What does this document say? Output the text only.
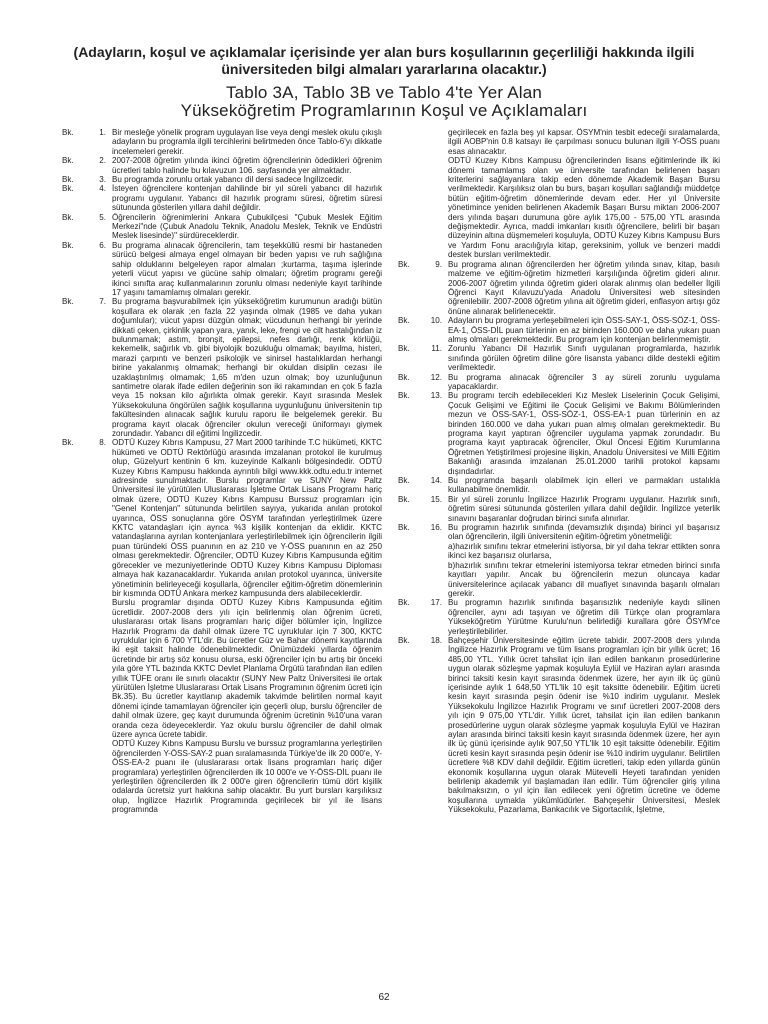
(Adayların, koşul ve açıklamalar içerisinde yer alan burs koşullarının geçerliliği hakkında ilgili üniversiteden bilgi almaları yararlarına olacaktır.)
Tablo 3A, Tablo 3B ve Tablo 4'te Yer Alan
Yükseköğretim Programlarının Koşul ve Açıklamaları
Bk.	1. Bir mesleğe yönelik program uygulayan lise veya dengi meslek okulu çıkışlı adayların bu programla ilgili tercihlerini belirtmeden önce Tablo-6'yı dikkatle incelemeleri gerekir.
Bk.	2. 2007-2008 öğretim yılında ikinci öğretim öğrencilerinin ödedikleri öğrenim ücretleri tablo halinde bu kılavuzun 106. sayfasında yer almaktadır.
Bk.	3. Bu programda zorunlu ortak yabancı dil dersi sadece İngilizcedir.
Bk.	4. İsteyen öğrencilere kontenjan dahilinde bir yıl süreli yabancı dil hazırlık programı uygulanır. Yabancı dil hazırlık programı süresi, öğretim süresi sütununda gösterilen yıllara dahil değildir.
Bk.	5. Öğrencilerin öğrenimlerini Ankara Çubukilçesi "Çubuk Meslek Eğitim Merkezi"nde (Çubuk Anadolu Teknik, Anadolu Meslek, Teknik ve Endüstri Meslek lisesinde)" sürdüreceklerdir.
Bk.	6. Bu programa alınacak öğrencilerin, tam teşekküllü resmi bir hastaneden sürücü belgesi almaya engel olmayan bir beden yapısı ve ruh sağlığına sahip olduklarını belgeleyen rapor almaları ;kurtarma, taşıma işlerinde yeterli vücut yapısı ve gücüne sahip olmaları; öğretim programı gereği ikinci sınıfta araç kullanmalarının zorunlu olması nedeniyle kayıt tarihinde 17 yaşını tamamlamış olmaları gerekir.
Bk.	7. Bu programa başvurabilmek için yükseköğretim kurumunun aradığı bütün koşullara ek olarak ;en fazla 22 yaşında olmak (1985 ve daha yukarı doğumlular); vücut yapısı düzgün olmak; vücudunun herhangi bir yerinde dikkati çeken, çirkinlik yapan yara, yanık, leke, frengi ve cilt hastalığından iz bulunmamak; astım, bronşit, epilepsi, nefes darlığı, renk körlüğü, kekemelik, sağırlık vb. gibi biyolojik bozukluğu olmamak; bayılma, histeri, marazi çarpıntı ve benzeri psikolojik ve sinirsel hastalıklardan herhangi birine yakalanmış olmamak; herhangi bir okuldan disiplin cezası ile uzaklaştırılmış olmamak; 1,65 m'den uzun olmak; boy uzunluğunun santimetre olarak ifade edilen değerinin son iki rakamından en çok 5 fazla veya 15 noksan kilo ağırlıkta olmak gerekir. Kayıt sırasında Meslek Yüksekokuluna öngörülen sağlık koşullarına uygunluğunu üniversitenin tıp fakültesinden alınacak sağlık kurulu raporu ile belgelemek gerekir. Bu programa kayıt olacak öğrenciler okulun vereceği üniformayı giymek zorundadır. Yabancı dil eğitimi İngilizcedir.
Bk.	8. ODTÜ Kuzey Kıbrıs Kampusu, 27 Mart 2000 tarihinde T.C hükümeti, KKTC hükümeti ve ODTÜ Rektörlüğü arasında imzalanan protokol ile kurulmuş olup, Güzelyurt kentinin 6 km. kuzeyinde Kalkanlı bölgesindedir. ODTÜ Kuzey Kıbrıs Kampusu hakkında ayrıntılı bilgi www.kkk.odtu.edu.tr internet adresinde sunulmaktadır. Burslu programlar ve SUNY New Paltz Üniversitesi ile yürütülen Uluslararası İşletme Ortak Lisans Programı hariç olmak üzere, ODTÜ Kuzey Kıbrıs Kampusu Burssuz programları için "Genel Kontenjan" sütununda belirtilen sayıya, yukarıda anılan protokol uyarınca, ÖSS sonuçlarına göre ÖSYM tarafından yerleştirilmek üzere KKTC vatandaşları için ayrıca %3 kişilik kontenjan da eklidir. KKTC vatandaşlarına ayrılan kontenjanlara yerleştirilebilmek için öğrencilerin ilgili puan türündeki ÖSS puanının en az 210 ve Y-ÖSS puanının en az 250 olması gerekmektedir. Öğrenciler, ODTÜ Kuzey Kıbrıs Kampusunda eğitim görecekler ve mezuniyetlerinde ODTÜ Kuzey Kıbrıs Kampusu Diploması almaya hak kazanacaklardır. Yukarıda anılan protokol uyarınca, üniversite yönetiminin belirleyeceği koşullarla, öğrenciler eğitim-öğretim dönemlerinin bir kısmında ODTÜ Ankara merkez kampusunda ders alabileceklerdir.
Burslu programlar dışında ODTÜ Kuzey Kıbrıs Kampusunda eğitim ücretlidir. 2007-2008 ders yılı için belirlenmiş olan öğrenim ücreti, uluslararası ortak lisans programları hariç diğer bölümler için, İngilizce Hazırlık Programı da dahil olmak üzere TC uyruklular için 7 300, KKTC uyruklular için 6 700 YTL'dir. Bu ücretler Güz ve Bahar dönemi kayıtlarında iki eşit taksit halinde ödenebilmektedir. Önümüzdeki yıllarda öğrenim ücretinde bir artış söz konusu olursa, eski öğrenciler için bu artış bir önceki yıla göre YTL bazında KKTC Devlet Planlama Örgütü tarafından ilan edilen yıllık TÜFE oranı ile sınırlı olacaktır (SUNY New Paltz Üniversitesi ile ortak yürütülen İşletme Uluslararası Ortak Lisans Programının öğrenim ücreti için Bk.35). Bu ücretler kayıtlanıp akademik takvimde belirtilen normal kayıt dönemi içinde tamamlayan öğrenciler için geçerli olup, burslu öğrenciler de dahil olmak üzere, geç kayıt durumunda öğrenim ücretinin %10'una varan oranda ceza ödeyeceklerdir. Yaz okulu burslu öğrenciler de dahil olmak üzere ayrıca ücrete tabidir.
ODTÜ Kuzey Kıbrıs Kampusu Burslu ve burssuz programlarına yerleştirilen öğrencilerden Y-ÖSS-SAY-2 puan sıralamasında Türkiye'de ilk 20 000'e, Y-ÖSS-EA-2 puanı ile (uluslararası ortak lisans programları hariç diğer programlara) yerleştirilen öğrencilerden ilk 10 000'e ve Y-ÖSS-DİL puanı ile yerleştirilen öğrencilerden ilk 2 000'e giren öğrencilerin tümü dört kişilik odalarda ücretsiz yurt hakkına sahip olacaktır. Bu yurt bursları karşılıksız olup, İngilizce Hazırlık Programında geçirilecek bir yıl ile lisans programında
geçirilecek en fazla beş yıl kapsar. ÖSYM'nin tesbit edeceği sıralamalarda, ilgili AOBP'nin 0.8 katsayı ile çarpılması sonucu bulunan ilgili Y-ÖSS puanı esas alınacaktır.
ODTÜ Kuzey Kıbrıs Kampusu öğrencilerinden lisans eğitimlerinde ilk iki dönemi tamamlamış olan ve üniversite tarafından belirlenen başarı kriterlerini sağlayanlara takip eden dönemde Akademik Başarı Bursu verilmektedir. Karşılıksız olan bu burs, başarı koşulları sağlandığı müddetçe bütün eğitim-öğretim dönemlerinde devam eder. Her yıl Üniversite yönetimince yeniden belirlenen Akademik Başarı Bursu miktarı 2006-2007 ders yılında başarı durumuna göre aylık 175,00 - 575,00 YTL arasında değişmektedir. Ayrıca, maddi imkanları kısıtlı öğrencilere, belirli bir başarı düzeyinin altına düşmemeleri koşuluyla, ODTÜ Kuzey Kıbrıs Kampusu Burs ve Yardım Fonu aracılığıyla kitap, gereksinim, yolluk ve benzeri maddi destek bursları verilmektedir.
Bk.	9. Bu programa alınan öğrencilerden her öğretim yılında sınav, kitap, basılı malzeme ve eğitim-öğretim hizmetleri karşılığında öğretim gideri alınır. 2006-2007 öğretim yılında öğretim gideri olarak alınmış olan bedeller İlgili Öğrenci Kayıt Kılavuzu'yada Anadolu Üniversitesi web sitesinden öğrenilebilir. 2007-2008 öğretim yılına ait öğretim gideri, enflasyon artışı göz önüne alınarak belirlenecektir.
Bk.	10. Adayların bu programa yerleşebilmeleri için ÖSS-SAY-1, ÖSS-SÖZ-1, ÖSS-EA-1, ÖSS-DİL puan türlerinin en az birinden 160.000 ve daha yukarı puan almış olmaları gerekmektedir. Bu program için kontenjan belirlenmemiştir.
Bk.	11. Zorunlu Yabancı Dil Hazırlık Sınıfı uygulanan programlarda, hazırlık sınıfında görülen öğretim diline göre lisansta yabancı dilde destekli eğitim verilmektedir.
Bk.	12. Bu programa alınacak öğrenciler 3 ay süreli zorunlu uygulama yapacaklardır.
Bk.	13. Bu programı tercih edebilecekleri Kız Meslek Liselerinin Çocuk Gelişimi, Çocuk Gelişimi ve Eğitimi ile Çocuk Gelişimi ve Bakımı Bölümlerinden mezun ve ÖSS-SAY-1, ÖSS-SÖZ-1, ÖSS-EA-1 puan türlerinin en az birinden 160.000 ve daha yukarı puan almış olmaları gerekmektedir. Bu programa kayıt yaptıran öğrenciler uygulama yapmak zorundadır. Bu programa kayıt yaptıracak öğrenciler, Okul Öncesi Eğitim Kurumlarına Öğretmen Yetiştirilmesi projesine ilişkin, Anadolu Üniversitesi ve Milli Eğitim Bakanlığı arasında imzalanan 25.01.2000 tarihli protokol kapsamı dışındadırlar.
Bk.	14. Bu programda başarılı olabilmek için elleri ve parmakları ustalıkla kullanabilme önemlidir.
Bk.	15. Bir yıl süreli zorunlu İngilizce Hazırlık Programı uygulanır. Hazırlık sınıfı, öğretim süresi sütununda gösterilen yıllara dahil değildir. İngilizce yeterlik sınavını başaranlar doğrudan birinci sınıfa alınırlar.
Bk.	16. Bu programın hazırlık sınıfında (devamsızlık dışında) birinci yıl başarısız olan öğrencilerin, ilgili üniversitenin eğitim-öğretim yönetmeliği:
a)hazırlık sınıfını tekrar etmelerini istiyorsa, bir yıl daha tekrar ettikten sonra ikinci kez başarısız olurlarsa,
b)hazırlık sınıfını tekrar etmelerini istemiyorsa tekrar etmeden birinci sınıfa kayıtları yapılır. Ancak bu öğrencilerin mezun oluncaya kadar üniversitelerince açılacak yabancı dil muafiyet sınavında başarılı olmaları gerekir.
Bk.	17. Bu programın hazırlık sınıfında başarısızlık nedeniyle kaydı silinen öğrenciler, aynı adı taşıyan ve öğretim dili Türkçe olan programlara Yükseköğretim Yürütme Kurulu'nun belirlediği kurallara göre ÖSYM'ce yerleştirilebilirler.
Bk.	18. Bahçeşehir Üniversitesinde eğitim ücrete tabidir. 2007-2008 ders yılında İngilizce Hazırlık Programı ve tüm lisans programları için bir yıllık ücret; 16 485,00 YTL. Yıllık ücret tahsilat için ilan edilen bankanın prosedürlerine uygun olarak sözleşme yapmak koşuluyla Eylül ve Haziran ayları arasında birinci taksiti kesin kayıt sırasında ödenmek üzere, her ayın ilk üç günü içerisinde aylık 1 648,50 YTL'lik 10 eşit taksitte ödenebilir. Eğitim ücreti kesin kayıt sırasında peşin ödenir ise %10 indirim uygulanır. Meslek Yüksekokulu İngilizce Hazırlık Programı ve sınıf ücretleri 2007-2008 ders yılı için 9 075,00 YTL'dir. Yıllık ücret, tahsilat için ilan edilen bankanın prosedürlerine uygun olarak sözleşme yapmak koşuluyla Eylül ve Haziran ayları arasında birinci taksiti kesin kayıt sırasında ödenmek üzere, her ayın ilk üç günü içerisinde aylık 907,50 YTL'lik 10 eşit taksitte ödenebilir. Eğitim ücreti kesin kayıt sırasında peşin ödenir ise %10 indirim uygulanır. Belirtilen ücretlere %8 KDV dahil değildir. Eğitim ücretleri, takip eden yıllarda günün ekonomik koşullarına uygun olarak Mütevelli Heyeti tarafından yeniden belirlenip akademik yıl başlamadan ilan edilir. Tüm öğrenciler giriş yılına bakılmaksızın, o yıl için ilan edilecek yeni öğretim ücretine ve ödeme koşullarına uymakla yükümlüdürler. Bahçeşehir Üniversitesi, Meslek Yüksekokulu, Pazarlama, Bankacılık ve Sigortacılık, İşletme,
62
